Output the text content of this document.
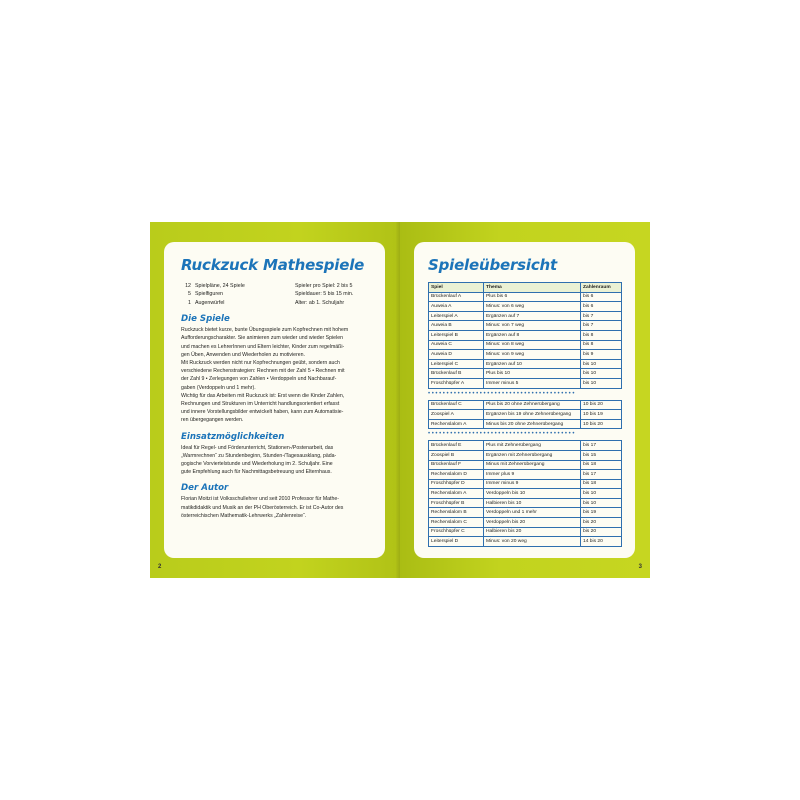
Ruckzuck Mathespiele
12 Spielpläne, 24 Spiele	Spieler pro Spiel: 2 bis 5
5 Spielfiguren	Spieldauer: 5 bis 15 min.
1 Augenwürfel	Alter: ab 1. Schuljahr
Die Spiele
Ruckzuck bietet kurze, bunte Übungsspiele zum Kopfrechnen mit hohem
Aufforderungscharakter. Sie animieren zum wieder und wieder Spielen
und machen es LehrerInnen und Eltern leichter, Kinder zum regelmäßi-
gen Üben, Anwenden und Wiederholen zu motivieren.
Mit Ruckzuck werden nicht nur Kopfrechnungen geübt, sondern auch
verschiedene Rechenstrategien: Rechnen mit der Zahl 5 • Rechnen mit
der Zahl 9 • Zerlegungen von Zahlen • Verdoppeln und Nachbarauf-
gaben (Verdoppeln und 1 mehr).
Wichtig für das Arbeiten mit Ruckzuck ist: Erst wenn die Kinder Zahlen,
Rechnungen und Strukturen im Unterricht handlungsorientiert erfasst
und innere Vorstellungsbilder entwickelt haben, kann zum Automatisie-
ren übergegangen werden.
Einsatzmöglichkeiten
Ideal für Regel- und Förderunterricht, Stationen-/Postenarbeit, das
„Warmrechnen“ zu Stundenbeginn, Stunden-/Tagesausklang, päda-
gogische Vorviertelstunde und Wiederholung im 2. Schuljahr. Eine
gute Empfehlung auch für Nachmittagsbetreuung und Elternhaus.
Der Autor
Florian Moitzi ist Volksschullehrer und seit 2010 Professor für Mathe-
matikdidaktik und Musik an der PH Oberösterreich. Er ist Co-Autor des
österreichischen Mathematik-Lehrwerks „Zahlenreise“.
2
Spieleübersicht
Spiel	Thema	Zahlenraum
Brückenlauf A	Plus bis 6	bis 6
Auweia A	Minus: von 6 weg	bis 6
Leiterspiel A	Ergänzen auf 7	bis 7
Auweia B	Minus: von 7 weg	bis 7
Leiterspiel B	Ergänzen auf 8	bis 8
Auweia C	Minus: von 8 weg	bis 8
Auweia D	Minus: von 9 weg	bis 9
Leiterspiel C	Ergänzen auf 10	bis 10
Brückenlauf B	Plus bis 10	bis 10
Froschhüpfer A	Immer minus 5	bis 10
••••••••••••••••••••••••••••••••••••••••
Brückenlauf C	Plus bis 20 ohne Zehnerübergang	10 bis 20
Zoospiel A	Ergänzen bis 19 ohne Zehnerübergang	10 bis 19
Rechenslalom A	Minus bis 20 ohne Zehnerübergang	10 bis 20
••••••••••••••••••••••••••••••••••••••••
Brückenlauf E	Plus mit Zehnerübergang	bis 17
Zoospiel B	Ergänzen mit Zehnerübergang	bis 15
Brückenlauf F	Minus mit Zehnerübergang	bis 18
Rechenslalom D	Immer plus 9	bis 17
Froschhüpfer D	Immer minus 9	bis 18
Rechenslalom A	Verdoppeln bis 10	bis 10
Froschhüpfer B	Halbieren bis 10	bis 10
Rechenslalom B	Verdoppeln und 1 mehr	bis 19
Rechenslalom C	Verdoppeln bis 20	bis 20
Froschhüpfer C	Halbieren bis 20	bis 20
Leiterspiel D	Minus: von 20 weg	14 bis 20
3
